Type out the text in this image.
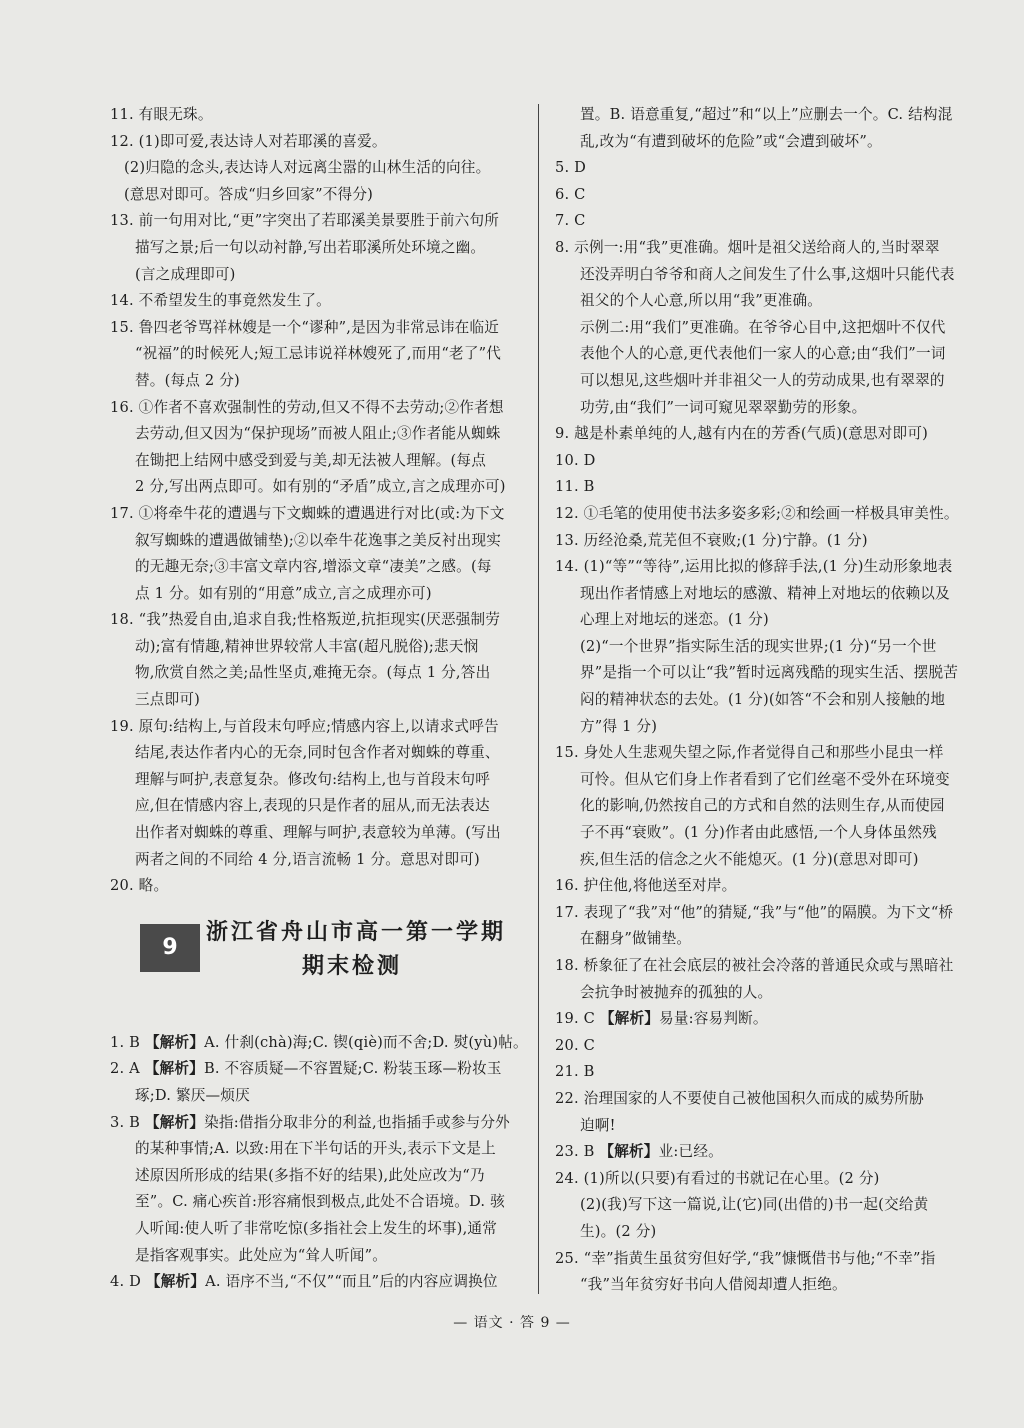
11. 有眼无珠。
12. (1)即可爱,表达诗人对若耶溪的喜爱。
(2)归隐的念头,表达诗人对远离尘嚣的山林生活的向往。
(意思对即可。答成“归乡回家”不得分)
13. 前一句用对比,“更”字突出了若耶溪美景要胜于前六句所
描写之景;后一句以动衬静,写出若耶溪所处环境之幽。
(言之成理即可)
14. 不希望发生的事竟然发生了。
15. 鲁四老爷骂祥林嫂是一个“谬种”,是因为非常忌讳在临近
“祝福”的时候死人;短工忌讳说祥林嫂死了,而用“老了”代
替。(每点 2 分)
16. ①作者不喜欢强制性的劳动,但又不得不去劳动;②作者想
去劳动,但又因为“保护现场”而被人阻止;③作者能从蜘蛛
在锄把上结网中感受到爱与美,却无法被人理解。(每点
2 分,写出两点即可。如有别的“矛盾”成立,言之成理亦可)
17. ①将牵牛花的遭遇与下文蜘蛛的遭遇进行对比(或:为下文
叙写蜘蛛的遭遇做铺垫);②以牵牛花逸事之美反衬出现实
的无趣无奈;③丰富文章内容,增添文章“凄美”之感。(每
点 1 分。如有别的“用意”成立,言之成理亦可)
18. “我”热爱自由,追求自我;性格叛逆,抗拒现实(厌恶强制劳
动);富有情趣,精神世界较常人丰富(超凡脱俗);悲天悯
物,欣赏自然之美;品性坚贞,难掩无奈。(每点 1 分,答出
三点即可)
19. 原句:结构上,与首段末句呼应;情感内容上,以请求式呼告
结尾,表达作者内心的无奈,同时包含作者对蜘蛛的尊重、
理解与呵护,表意复杂。修改句:结构上,也与首段末句呼
应,但在情感内容上,表现的只是作者的屈从,而无法表达
出作者对蜘蛛的尊重、理解与呵护,表意较为单薄。(写出
两者之间的不同给 4 分,语言流畅 1 分。意思对即可)
20. 略。
9
浙江省舟山市高一第一学期
期末检测
1. B 【解析】A. 什刹(chà)海;C. 锲(qiè)而不舍;D. 熨(yù)帖。
2. A 【解析】B. 不容质疑—不容置疑;C. 粉装玉琢—粉妆玉
琢;D. 繁厌—烦厌
3. B 【解析】染指:借指分取非分的利益,也指插手或参与分外
的某种事情;A. 以致:用在下半句话的开头,表示下文是上
述原因所形成的结果(多指不好的结果),此处应改为“乃
至”。C. 痛心疾首:形容痛恨到极点,此处不合语境。D. 骇
人听闻:使人听了非常吃惊(多指社会上发生的坏事),通常
是指客观事实。此处应为“耸人听闻”。
4. D 【解析】A. 语序不当,“不仅”“而且”后的内容应调换位
置。B. 语意重复,“超过”和“以上”应删去一个。C. 结构混
乱,改为“有遭到破坏的危险”或“会遭到破坏”。
5. D
6. C
7. C
8. 示例一:用“我”更准确。烟叶是祖父送给商人的,当时翠翠
还没弄明白爷爷和商人之间发生了什么事,这烟叶只能代表
祖父的个人心意,所以用“我”更准确。
示例二:用“我们”更准确。在爷爷心目中,这把烟叶不仅代
表他个人的心意,更代表他们一家人的心意;由“我们”一词
可以想见,这些烟叶并非祖父一人的劳动成果,也有翠翠的
功劳,由“我们”一词可窥见翠翠勤劳的形象。
9. 越是朴素单纯的人,越有内在的芳香(气质)(意思对即可)
10. D
11. B
12. ①毛笔的使用使书法多姿多彩;②和绘画一样极具审美性。
13. 历经沧桑,荒芜但不衰败;(1 分)宁静。(1 分)
14. (1)“等”“等待”,运用比拟的修辞手法,(1 分)生动形象地表
现出作者情感上对地坛的感激、精神上对地坛的依赖以及
心理上对地坛的迷恋。(1 分)
(2)“一个世界”指实际生活的现实世界;(1 分)“另一个世
界”是指一个可以让“我”暂时远离残酷的现实生活、摆脱苦
闷的精神状态的去处。(1 分)(如答“不会和别人接触的地
方”得 1 分)
15. 身处人生悲观失望之际,作者觉得自己和那些小昆虫一样
可怜。但从它们身上作者看到了它们丝毫不受外在环境变
化的影响,仍然按自己的方式和自然的法则生存,从而使园
子不再“衰败”。(1 分)作者由此感悟,一个人身体虽然残
疾,但生活的信念之火不能熄灭。(1 分)(意思对即可)
16. 护住他,将他送至对岸。
17. 表现了“我”对“他”的猜疑,“我”与“他”的隔膜。为下文“桥
在翻身”做铺垫。
18. 桥象征了在社会底层的被社会冷落的普通民众或与黑暗社
会抗争时被抛弃的孤独的人。
19. C 【解析】易量:容易判断。
20. C
21. B
22. 治理国家的人不要使自己被他国积久而成的威势所胁
迫啊!
23. B 【解析】业:已经。
24. (1)所以(只要)有看过的书就记在心里。(2 分)
(2)(我)写下这一篇说,让(它)同(出借的)书一起(交给黄
生)。(2 分)
25. “幸”指黄生虽贫穷但好学,“我”慷慨借书与他;“不幸”指
“我”当年贫穷好书向人借阅却遭人拒绝。
— 语文 · 答 9 —
